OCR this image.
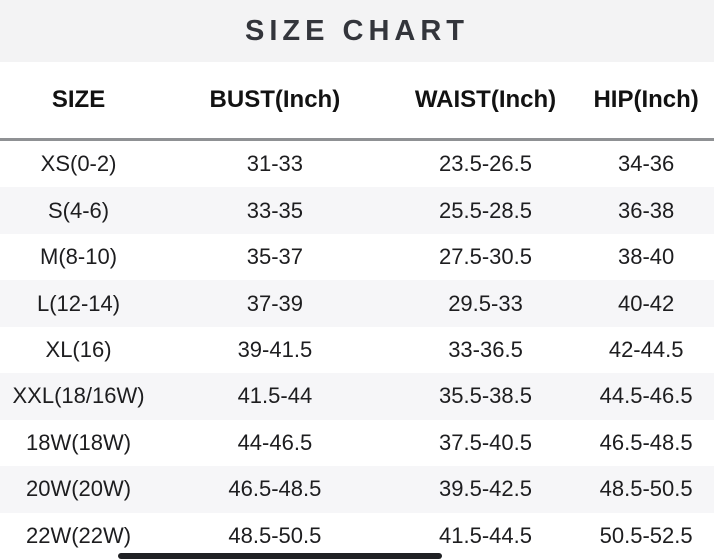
SIZE CHART
SIZE	BUST(Inch)	WAIST(Inch)	HIP(Inch)
XS(0-2)	31-33	23.5-26.5	34-36
S(4-6)	33-35	25.5-28.5	36-38
M(8-10)	35-37	27.5-30.5	38-40
L(12-14)	37-39	29.5-33	40-42
XL(16)	39-41.5	33-36.5	42-44.5
XXL(18/16W)	41.5-44	35.5-38.5	44.5-46.5
18W(18W)	44-46.5	37.5-40.5	46.5-48.5
20W(20W)	46.5-48.5	39.5-42.5	48.5-50.5
22W(22W)	48.5-50.5	41.5-44.5	50.5-52.5
